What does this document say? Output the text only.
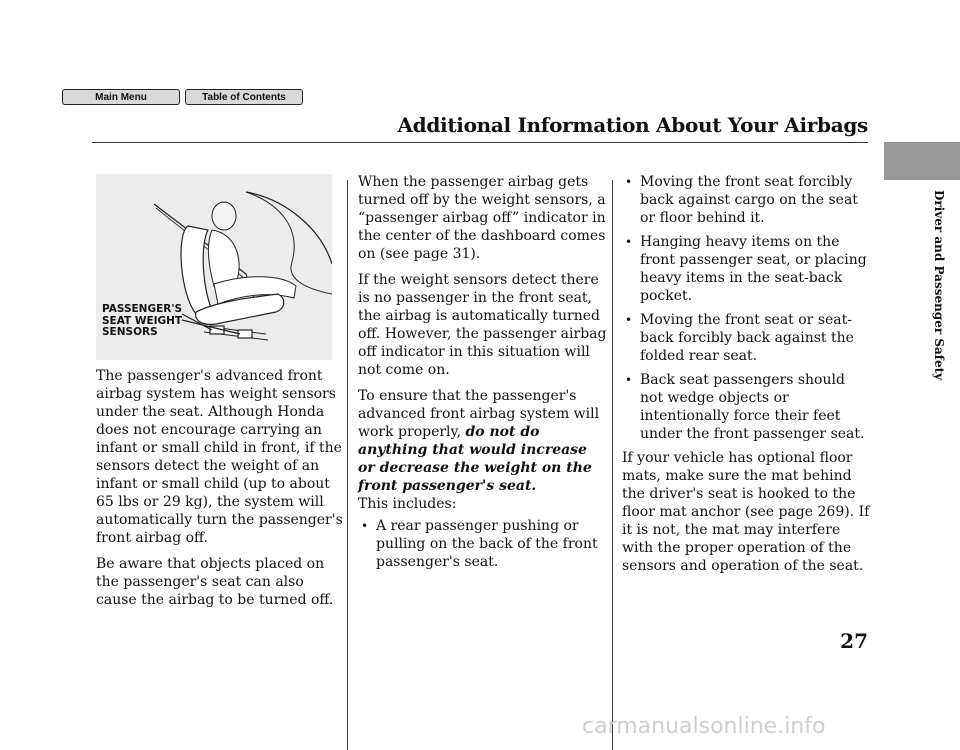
Main Menu	Table of Contents
Additional Information About Your Airbags
Driver and Passenger Safety
PASSENGER'S
SEAT WEIGHT
SENSORS

The passenger's advanced front airbag system has weight sensors under the seat. Although Honda does not encourage carrying an infant or small child in front, if the sensors detect the weight of an infant or small child (up to about 65 lbs or 29 kg), the system will automatically turn the passenger's front airbag off.

Be aware that objects placed on the passenger's seat can also cause the airbag to be turned off.

When the passenger airbag gets turned off by the weight sensors, a “passenger airbag off” indicator in the center of the dashboard comes on (see page 31).

If the weight sensors detect there is no passenger in the front seat, the airbag is automatically turned off. However, the passenger airbag off indicator in this situation will not come on.

To ensure that the passenger's advanced front airbag system will work properly, do not do anything that would increase or decrease the weight on the front passenger's seat.

This includes:

• A rear passenger pushing or pulling on the back of the front passenger's seat.
• Moving the front seat forcibly back against cargo on the seat or floor behind it.
• Hanging heavy items on the front passenger seat, or placing heavy items in the seat-back pocket.
• Moving the front seat or seat-back forcibly back against the folded rear seat.
• Back seat passengers should not wedge objects or intentionally force their feet under the front passenger seat.

If your vehicle has optional floor mats, make sure the mat behind the driver's seat is hooked to the floor mat anchor (see page 269). If it is not, the mat may interfere with the proper operation of the sensors and operation of the seat.

27
carmanualsonline.info
